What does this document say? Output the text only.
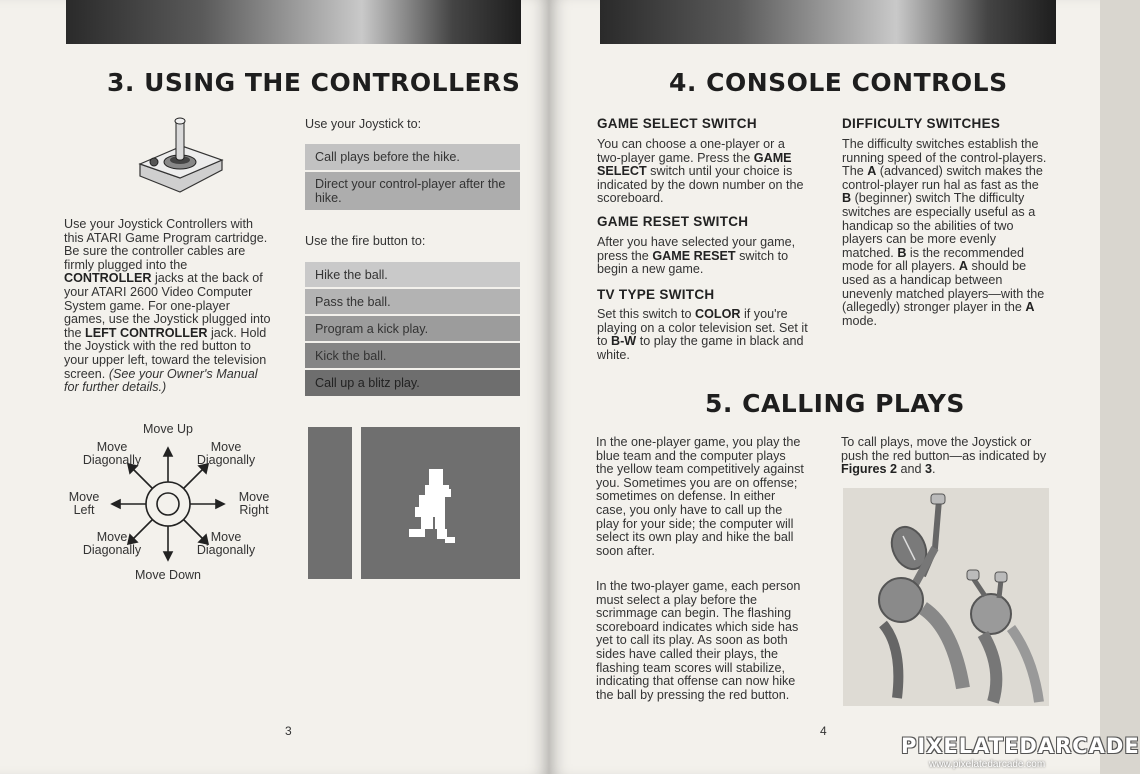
3. USING THE CONTROLLERS

Use your Joystick Controllers with this ATARI Game Program cartridge. Be sure the controller cables are firmly plugged into the CONTROLLER jacks at the back of your ATARI 2600 Video Computer System game. For one-player games, use the Joystick plugged into the LEFT CONTROLLER jack. Hold the Joystick with the red button to your upper left, toward the television screen. (See your Owner's Manual for further details.)

Move Up
Move Down
Move
Left
Move
Right
Move
Diagonally
Move
Diagonally
Move
Diagonally
Move
Diagonally

Use your Joystick to:

Call plays before the hike.
Direct your control-player after the hike.

Use the fire button to:

Hike the ball.
Pass the ball.
Program a kick play.
Kick the ball.
Call up a blitz play.
3
4. CONSOLE CONTROLS
GAME SELECT SWITCH

You can choose a one-player or a two-player game. Press the GAME SELECT switch until your choice is indicated by the down number on the scoreboard.

GAME RESET SWITCH

After you have selected your game, press the GAME RESET switch to begin a new game.

TV TYPE SWITCH

Set this switch to COLOR if you're playing on a color television set. Set it to B-W to play the game in black and white.

DIFFICULTY SWITCHES

The difficulty switches establish the running speed of the control-players. The A (advanced) switch makes the control-player run hal as fast as the B (beginner) switch The difficulty switches are especially useful as a handicap so the abilities of two players can be more evenly matched. B is the recommended mode for all players. A should be used as a handicap between unevenly matched players—with the (allegedly) stronger player in the A mode.

5. CALLING PLAYS

In the one-player game, you play the blue team and the computer plays the yellow team competitively against you. Sometimes you are on offense; sometimes on defense. In either case, you only have to call up the play for your side; the computer will select its own play and hike the ball soon after.

In the two-player game, each person must select a play before the scrimmage can begin. The flashing scoreboard indicates which side has yet to call its play. As soon as both sides have called their plays, the flashing team scores will stabilize, indicating that offense can now hike the ball by pressing the red button.

To call plays, move the Joystick or push the red button—as indicated by Figures 2 and 3.

4
PIXELATEDARCADE
www.pixelatedarcade.com
